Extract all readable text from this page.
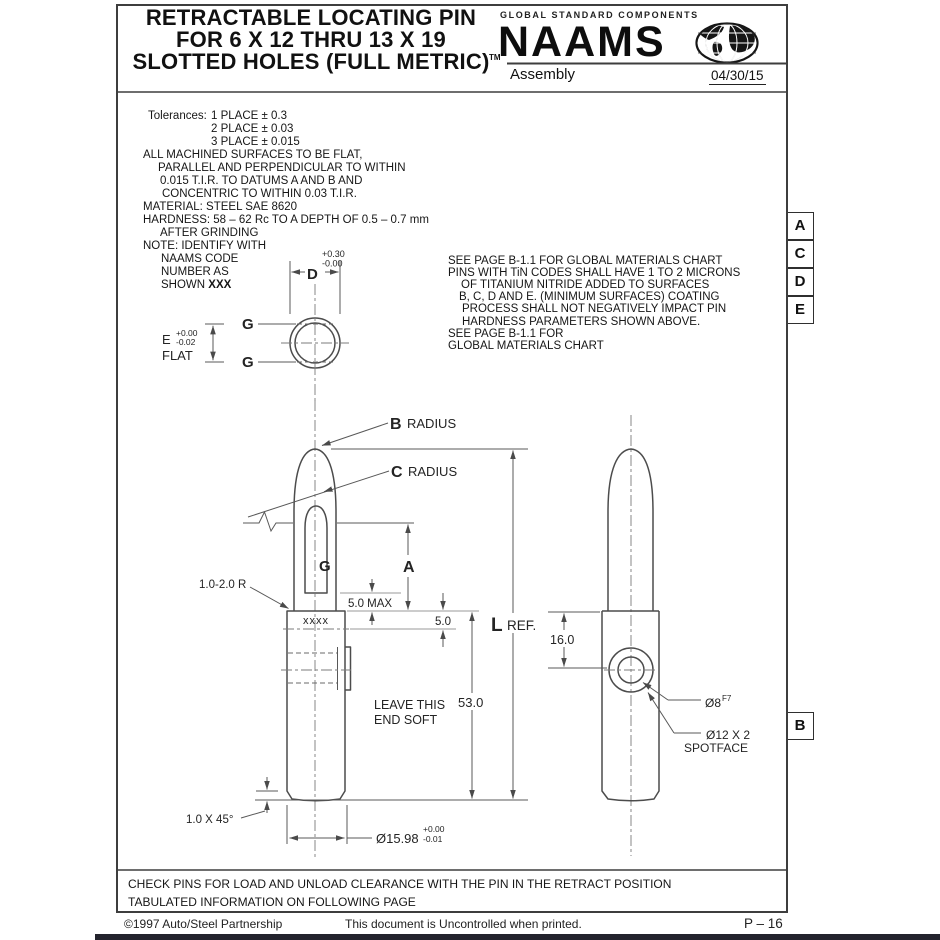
RETRACTABLE LOCATING PIN
FOR 6 X 12 THRU 13 X 19
SLOTTED HOLES (FULL METRIC) TM
GLOBAL STANDARD COMPONENTS
NAAMS
Assembly	04/30/15
Tolerances: 1 PLACE ± 0.3
2 PLACE ± 0.03
3 PLACE ± 0.015
ALL MACHINED SURFACES TO BE FLAT,
PARALLEL AND PERPENDICULAR TO WITHIN
0.015 T.I.R. TO DATUMS A AND B AND
CONCENTRIC TO WITHIN 0.03 T.I.R.
MATERIAL: STEEL SAE 8620
HARDNESS: 58 – 62 Rc TO A DEPTH OF 0.5 – 0.7 mm
AFTER GRINDING
NOTE: IDENTIFY WITH
NAAMS CODE
NUMBER AS
SHOWN XXX
SEE PAGE B-1.1 FOR GLOBAL MATERIALS CHART
PINS WITH TiN CODES SHALL HAVE 1 TO 2 MICRONS
OF TITANIUM NITRIDE ADDED TO SURFACES
B, C, D AND E. (MINIMUM SURFACES) COATING
PROCESS SHALL NOT NEGATIVELY IMPACT PIN
HARDNESS PARAMETERS SHOWN ABOVE.
SEE PAGE B-1.1 FOR
GLOBAL MATERIALS CHART
A
C
D
E
B
B RADIUS
C RADIUS
G	A
5.0 MAX
5.0 L REF.
53.0
LEAVE THIS
END SOFT
1.0-2.0 R
xxxx
1.0 X 45°
Ø15.98
+0.00
-0.01
+0.30
-0.00
D
E +0.00
-0.02
FLAT
G
G
16.0
Ø8 F7
Ø12 X 2
SPOTFACE
CHECK PINS FOR LOAD AND UNLOAD CLEARANCE WITH THE PIN IN THE RETRACT POSITION
TABULATED INFORMATION ON FOLLOWING PAGE
©1997 Auto/Steel Partnership	This document is Uncontrolled when printed.	P – 16
